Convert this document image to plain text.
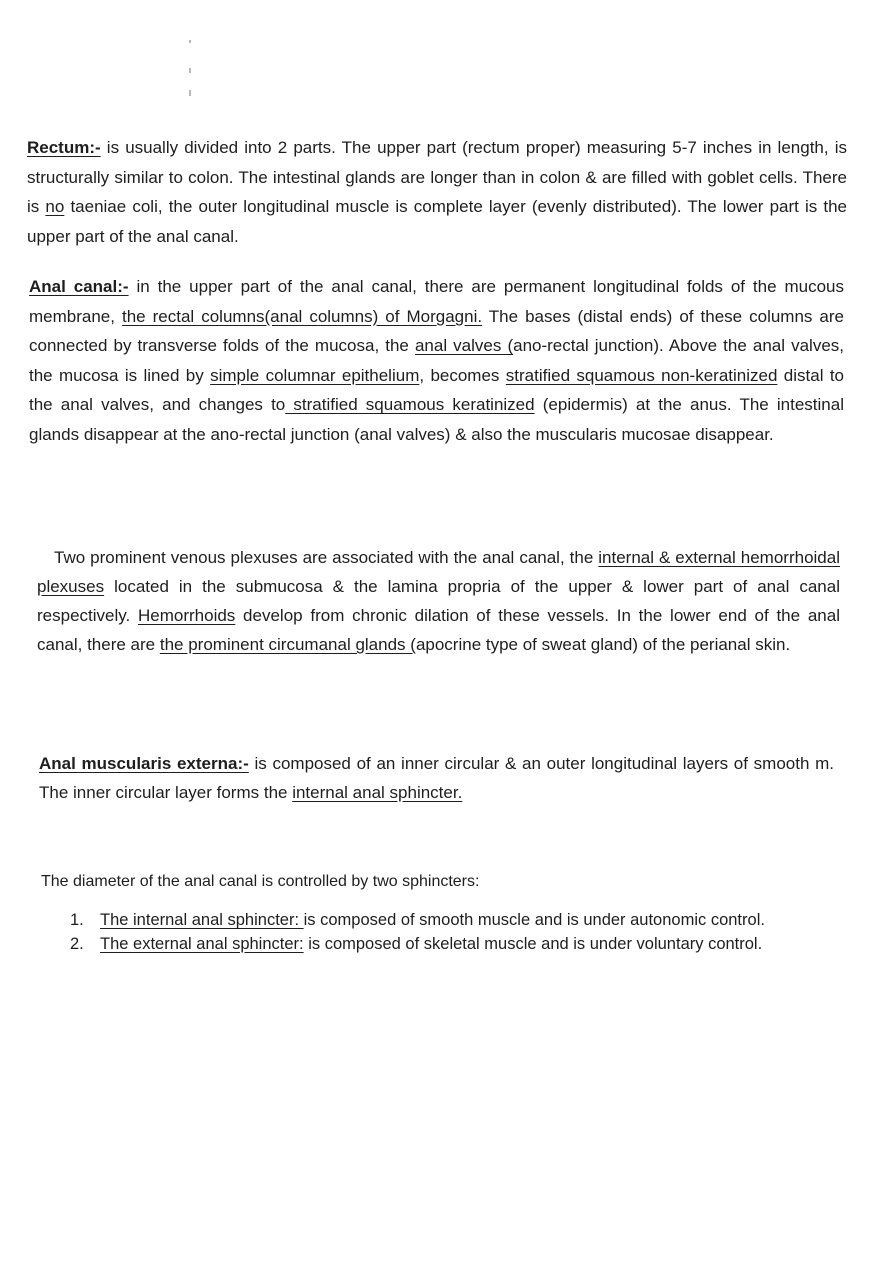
Rectum:- is usually divided into 2 parts. The upper part (rectum proper) measuring 5-7 inches in length, is structurally similar to colon. The intestinal glands are longer than in colon & are filled with goblet cells. There is no taeniae coli, the outer longitudinal muscle is complete layer (evenly distributed). The lower part is the upper part of the anal canal.

Anal canal:- in the upper part of the anal canal, there are permanent longitudinal folds of the mucous membrane, the rectal columns(anal columns) of Morgagni. The bases (distal ends) of these columns are connected by transverse folds of the mucosa, the anal valves (ano-rectal junction). Above the anal valves, the mucosa is lined by simple columnar epithelium, becomes stratified squamous non-keratinized distal to the anal valves, and changes to stratified squamous keratinized (epidermis) at the anus. The intestinal glands disappear at the ano-rectal junction (anal valves) & also the muscularis mucosae disappear.

Two prominent venous plexuses are associated with the anal canal, the internal & external hemorrhoidal plexuses located in the submucosa & the lamina propria of the upper & lower part of anal canal respectively. Hemorrhoids develop from chronic dilation of these vessels. In the lower end of the anal canal, there are the prominent circumanal glands (apocrine type of sweat gland) of the perianal skin.

Anal muscularis externa:- is composed of an inner circular & an outer longitudinal layers of smooth m. The inner circular layer forms the internal anal sphincter.

The diameter of the anal canal is controlled by two sphincters:

1. The internal anal sphincter: is composed of smooth muscle and is under autonomic control.
2. The external anal sphincter: is composed of skeletal muscle and is under voluntary control.
